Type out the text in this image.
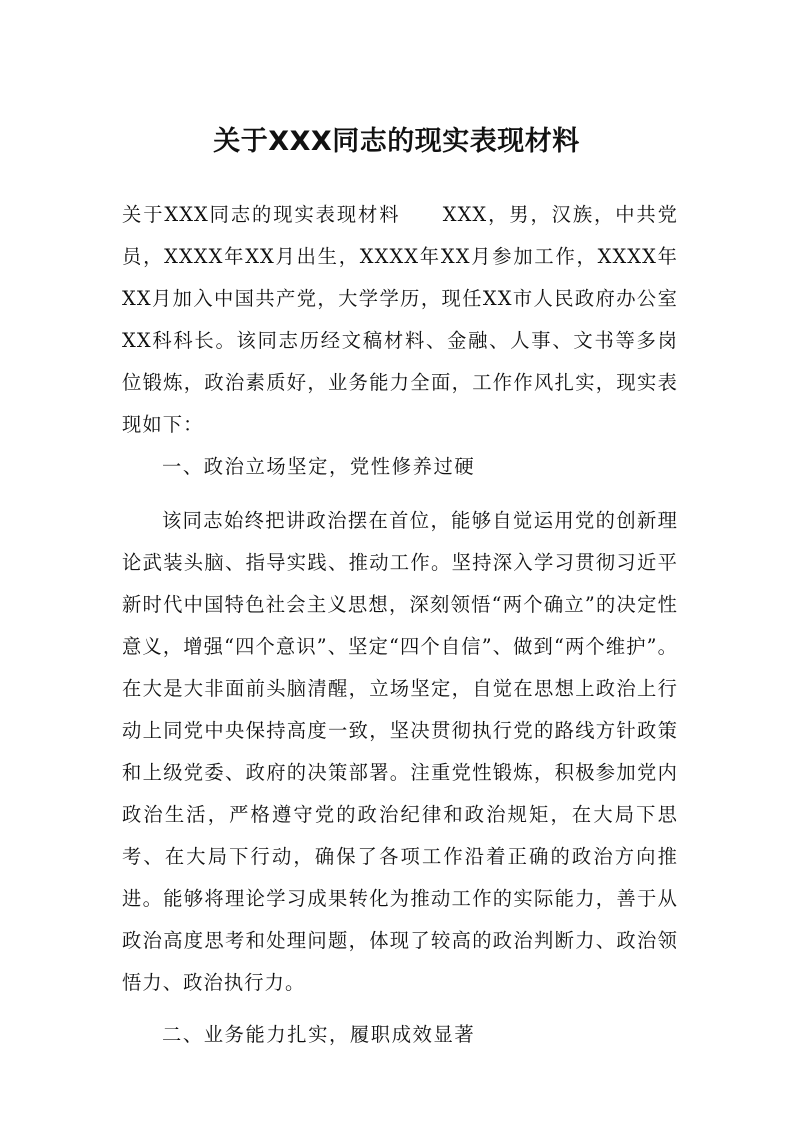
关于XXX同志的现实表现材料

关于XXX同志的现实表现材料　　XXX，男，汉族，中共党员，XXXX年XX月出生，XXXX年XX月参加工作，XXXX年XX月加入中国共产党，大学学历，现任XX市人民政府办公室XX科科长。该同志历经文稿材料、金融、人事、文书等多岗位锻炼，政治素质好，业务能力全面，工作作风扎实，现实表现如下：

一、政治立场坚定，党性修养过硬

该同志始终把讲政治摆在首位，能够自觉运用党的创新理论武装头脑、指导实践、推动工作。坚持深入学习贯彻习近平新时代中国特色社会主义思想，深刻领悟“两个确立”的决定性意义，增强“四个意识”、坚定“四个自信”、做到“两个维护”。在大是大非面前头脑清醒，立场坚定，自觉在思想上政治上行动上同党中央保持高度一致，坚决贯彻执行党的路线方针政策和上级党委、政府的决策部署。注重党性锻炼，积极参加党内政治生活，严格遵守党的政治纪律和政治规矩，在大局下思考、在大局下行动，确保了各项工作沿着正确的政治方向推进。能够将理论学习成果转化为推动工作的实际能力，善于从政治高度思考和处理问题，体现了较高的政治判断力、政治领悟力、政治执行力。

二、业务能力扎实，履职成效显著
